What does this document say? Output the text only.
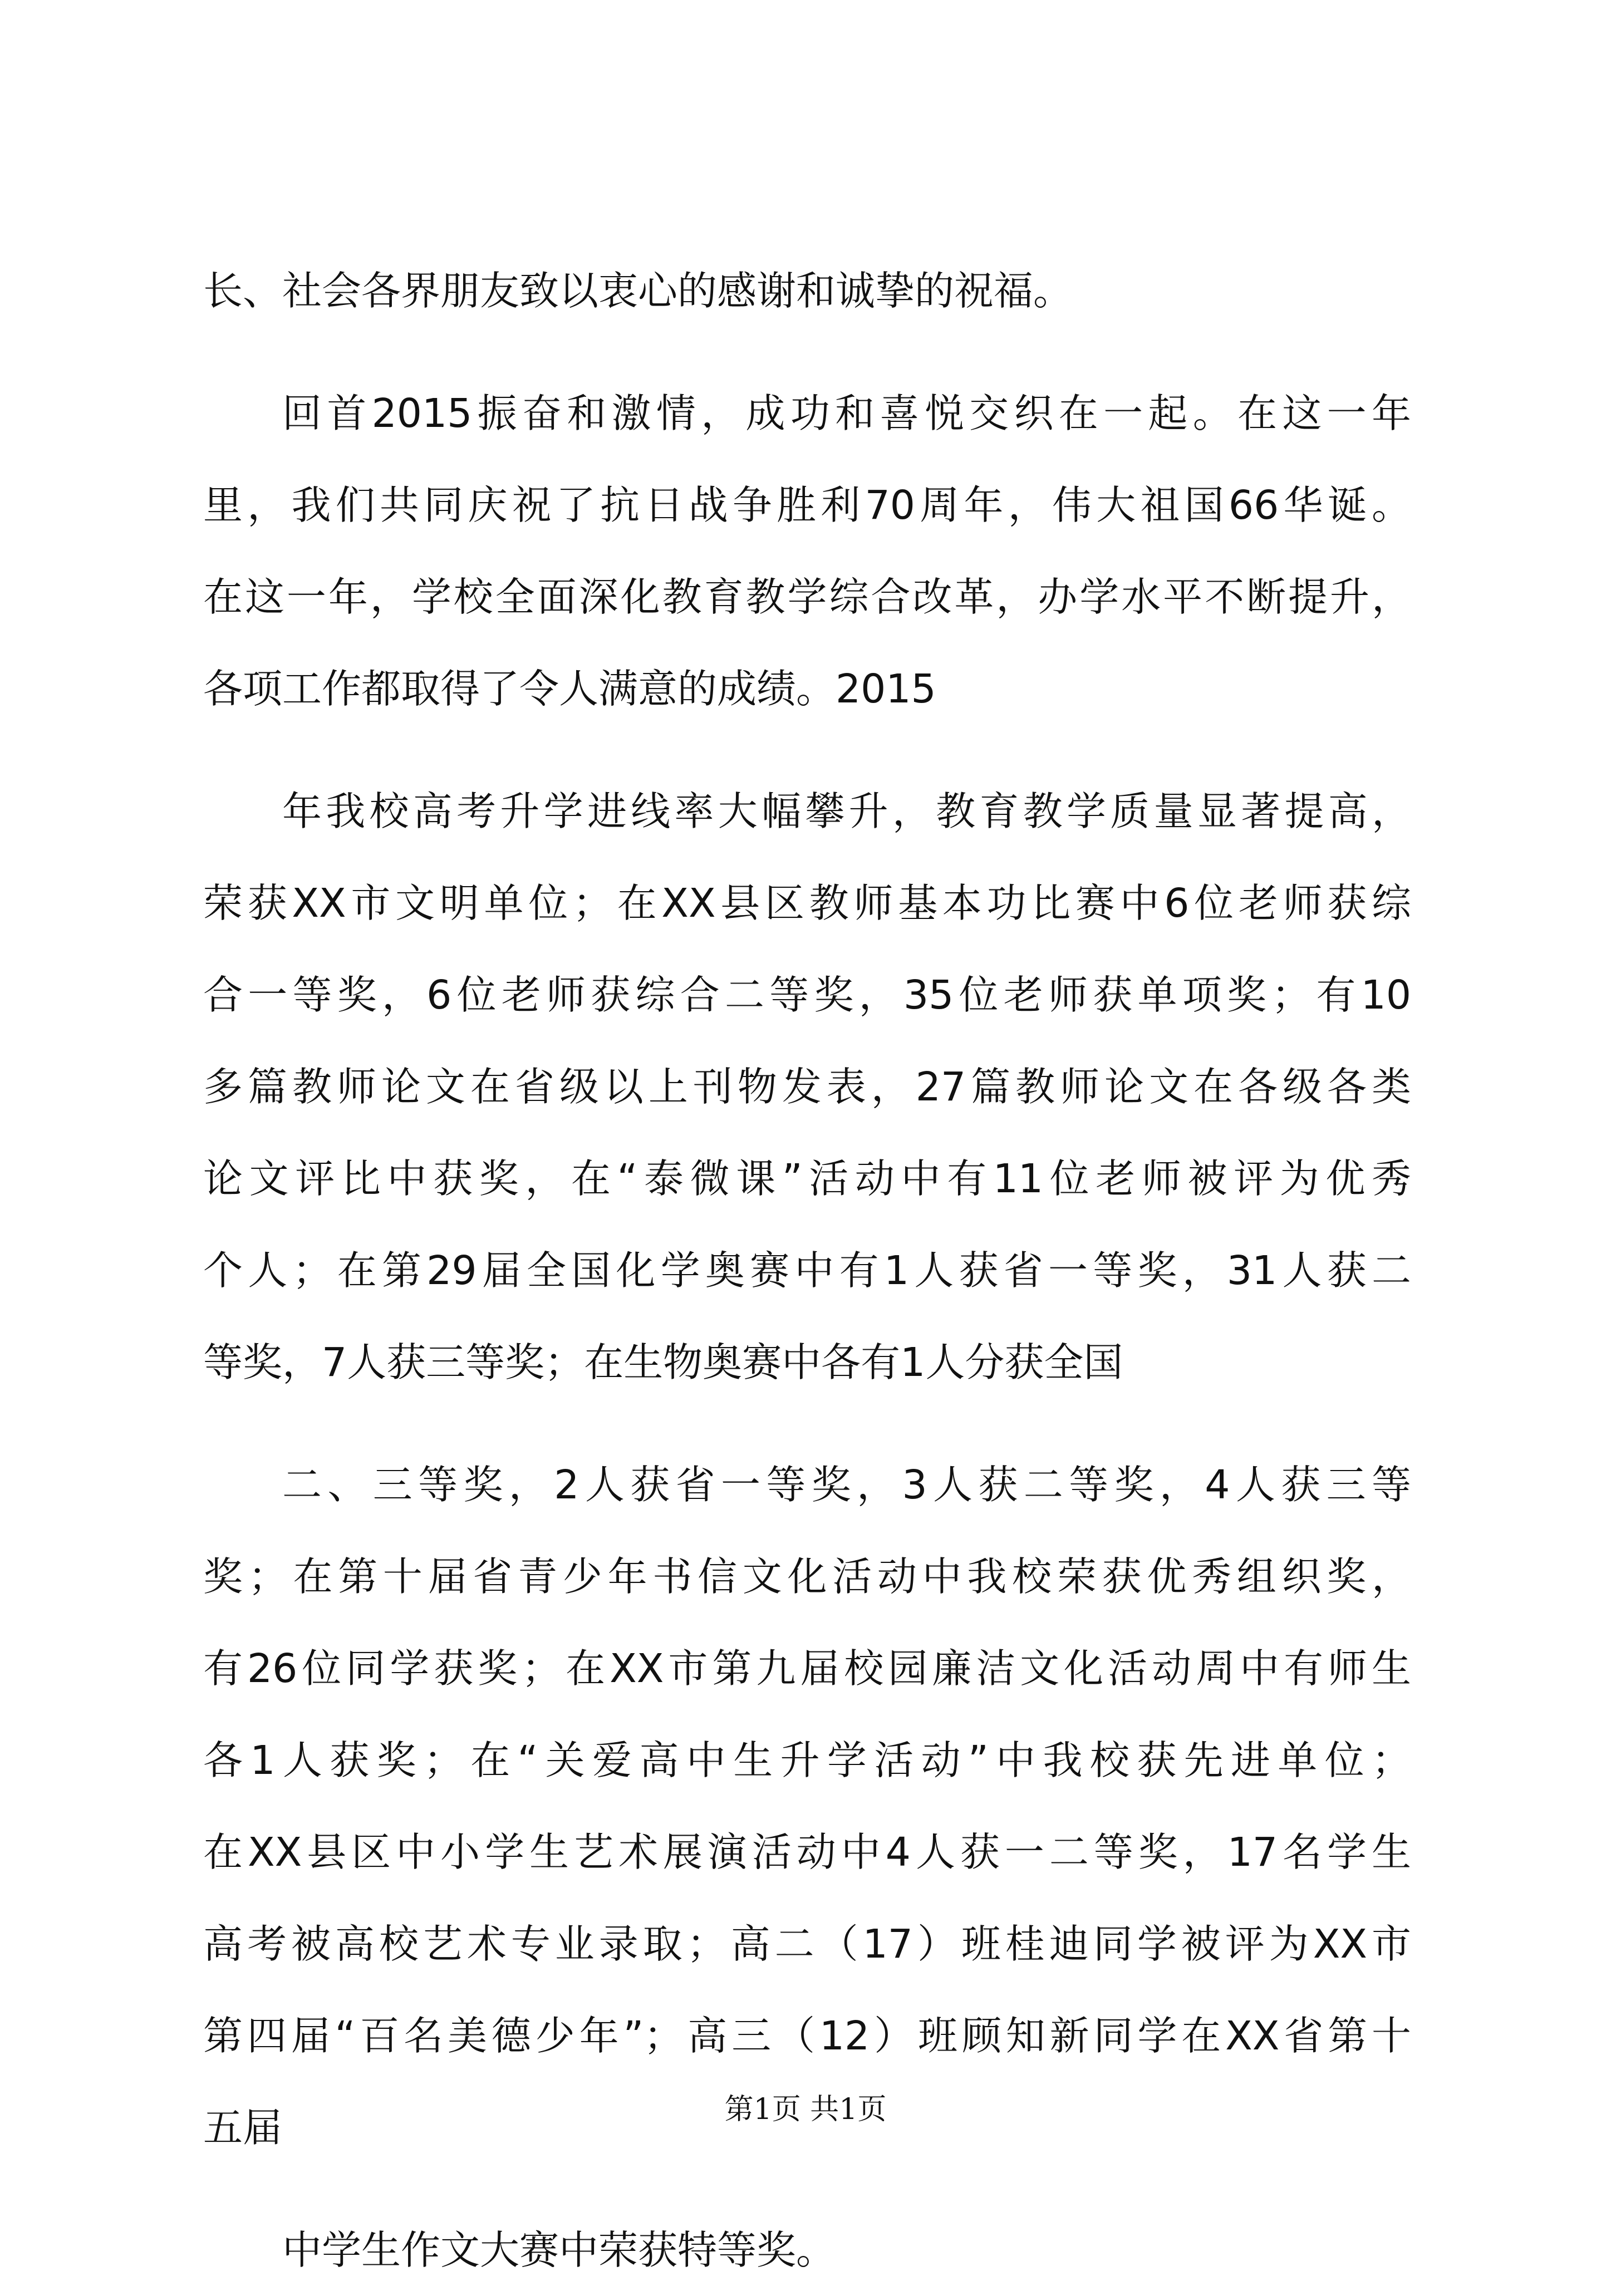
长、社会各界朋友致以衷心的感谢和诚挚的祝福。
回首2015振奋和激情，成功和喜悦交织在一起。在这一年
里，我们共同庆祝了抗日战争胜利70周年，伟大祖国66华诞。
在这一年，学校全面深化教育教学综合改革，办学水平不断提升，
各项工作都取得了令人满意的成绩。2015
年我校高考升学进线率大幅攀升，教育教学质量显著提高，
荣获XX市文明单位；在XX县区教师基本功比赛中6位老师获综
合一等奖，6位老师获综合二等奖，35位老师获单项奖；有10
多篇教师论文在省级以上刊物发表，27篇教师论文在各级各类
论文评比中获奖，在“泰微课”活动中有11位老师被评为优秀
个人；在第29届全国化学奥赛中有1人获省一等奖，31人获二
等奖，7人获三等奖；在生物奥赛中各有1人分获全国
二、三等奖，2人获省一等奖，3人获二等奖，4人获三等
奖；在第十届省青少年书信文化活动中我校荣获优秀组织奖，
有26位同学获奖；在XX市第九届校园廉洁文化活动周中有师生
各1人获奖；在“关爱高中生升学活动”中我校获先进单位；
在XX县区中小学生艺术展演活动中4人获一二等奖，17名学生
高考被高校艺术专业录取；高二（17）班桂迪同学被评为XX市
第四届“百名美德少年”；高三（12）班顾知新同学在XX省第十
五届
中学生作文大赛中荣获特等奖。
第1页 共1页
